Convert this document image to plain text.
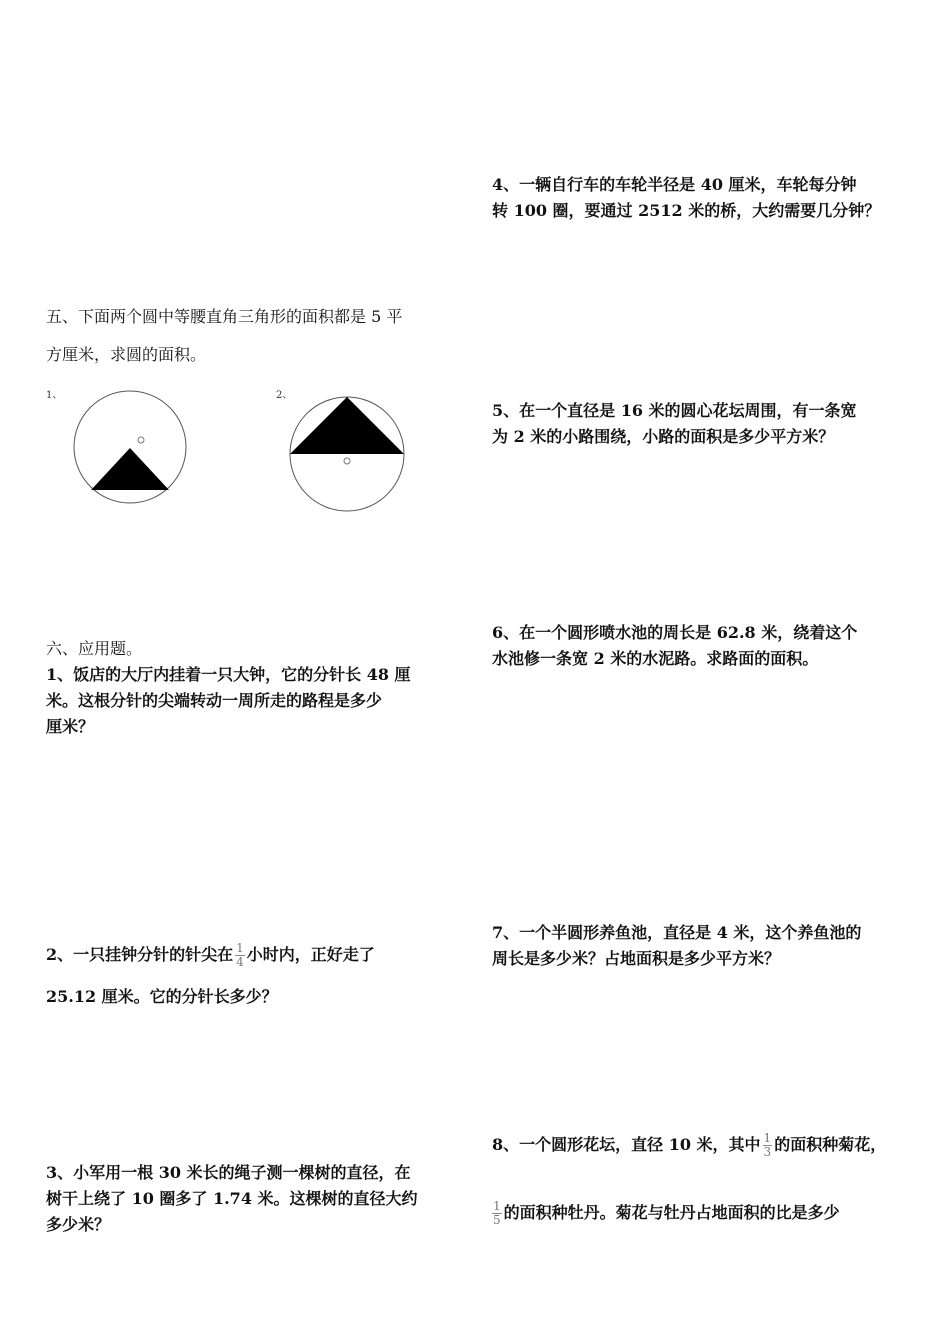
4、一辆自行车的车轮半径是 40 厘米，车轮每分钟
转 100 圈，要通过 2512 米的桥，大约需要几分钟？
五、下面两个圆中等腰直角三角形的面积都是 5 平
方厘米，求圆的面积。
1、	2、
5、在一个直径是 16 米的圆心花坛周围，有一条宽
为 2 米的小路围绕，小路的面积是多少平方米？
六、应用题。
1、饭店的大厅内挂着一只大钟，它的分针长 48 厘
米。这根分针的尖端转动一周所走的路程是多少
厘米？
6、在一个圆形喷水池的周长是 62.8 米，绕着这个
水池修一条宽 2 米的水泥路。求路面的面积。
7、一个半圆形养鱼池，直径是 4 米，这个养鱼池的
周长是多少米？占地面积是多少平方米？
2、一只挂钟分针的针尖在 $\frac{1}{4}$ 小时内，正好走了
25.12 厘米。它的分针长多少？
8、一个圆形花坛，直径 10 米，其中 $\frac{1}{3}$ 的面积种菊花，
$\frac{1}{5}$ 的面积种牡丹。菊花与牡丹占地面积的比是多少
3、小军用一根 30 米长的绳子测一棵树的直径，在
树干上绕了 10 圈多了 1.74 米。这棵树的直径大约
多少米？
